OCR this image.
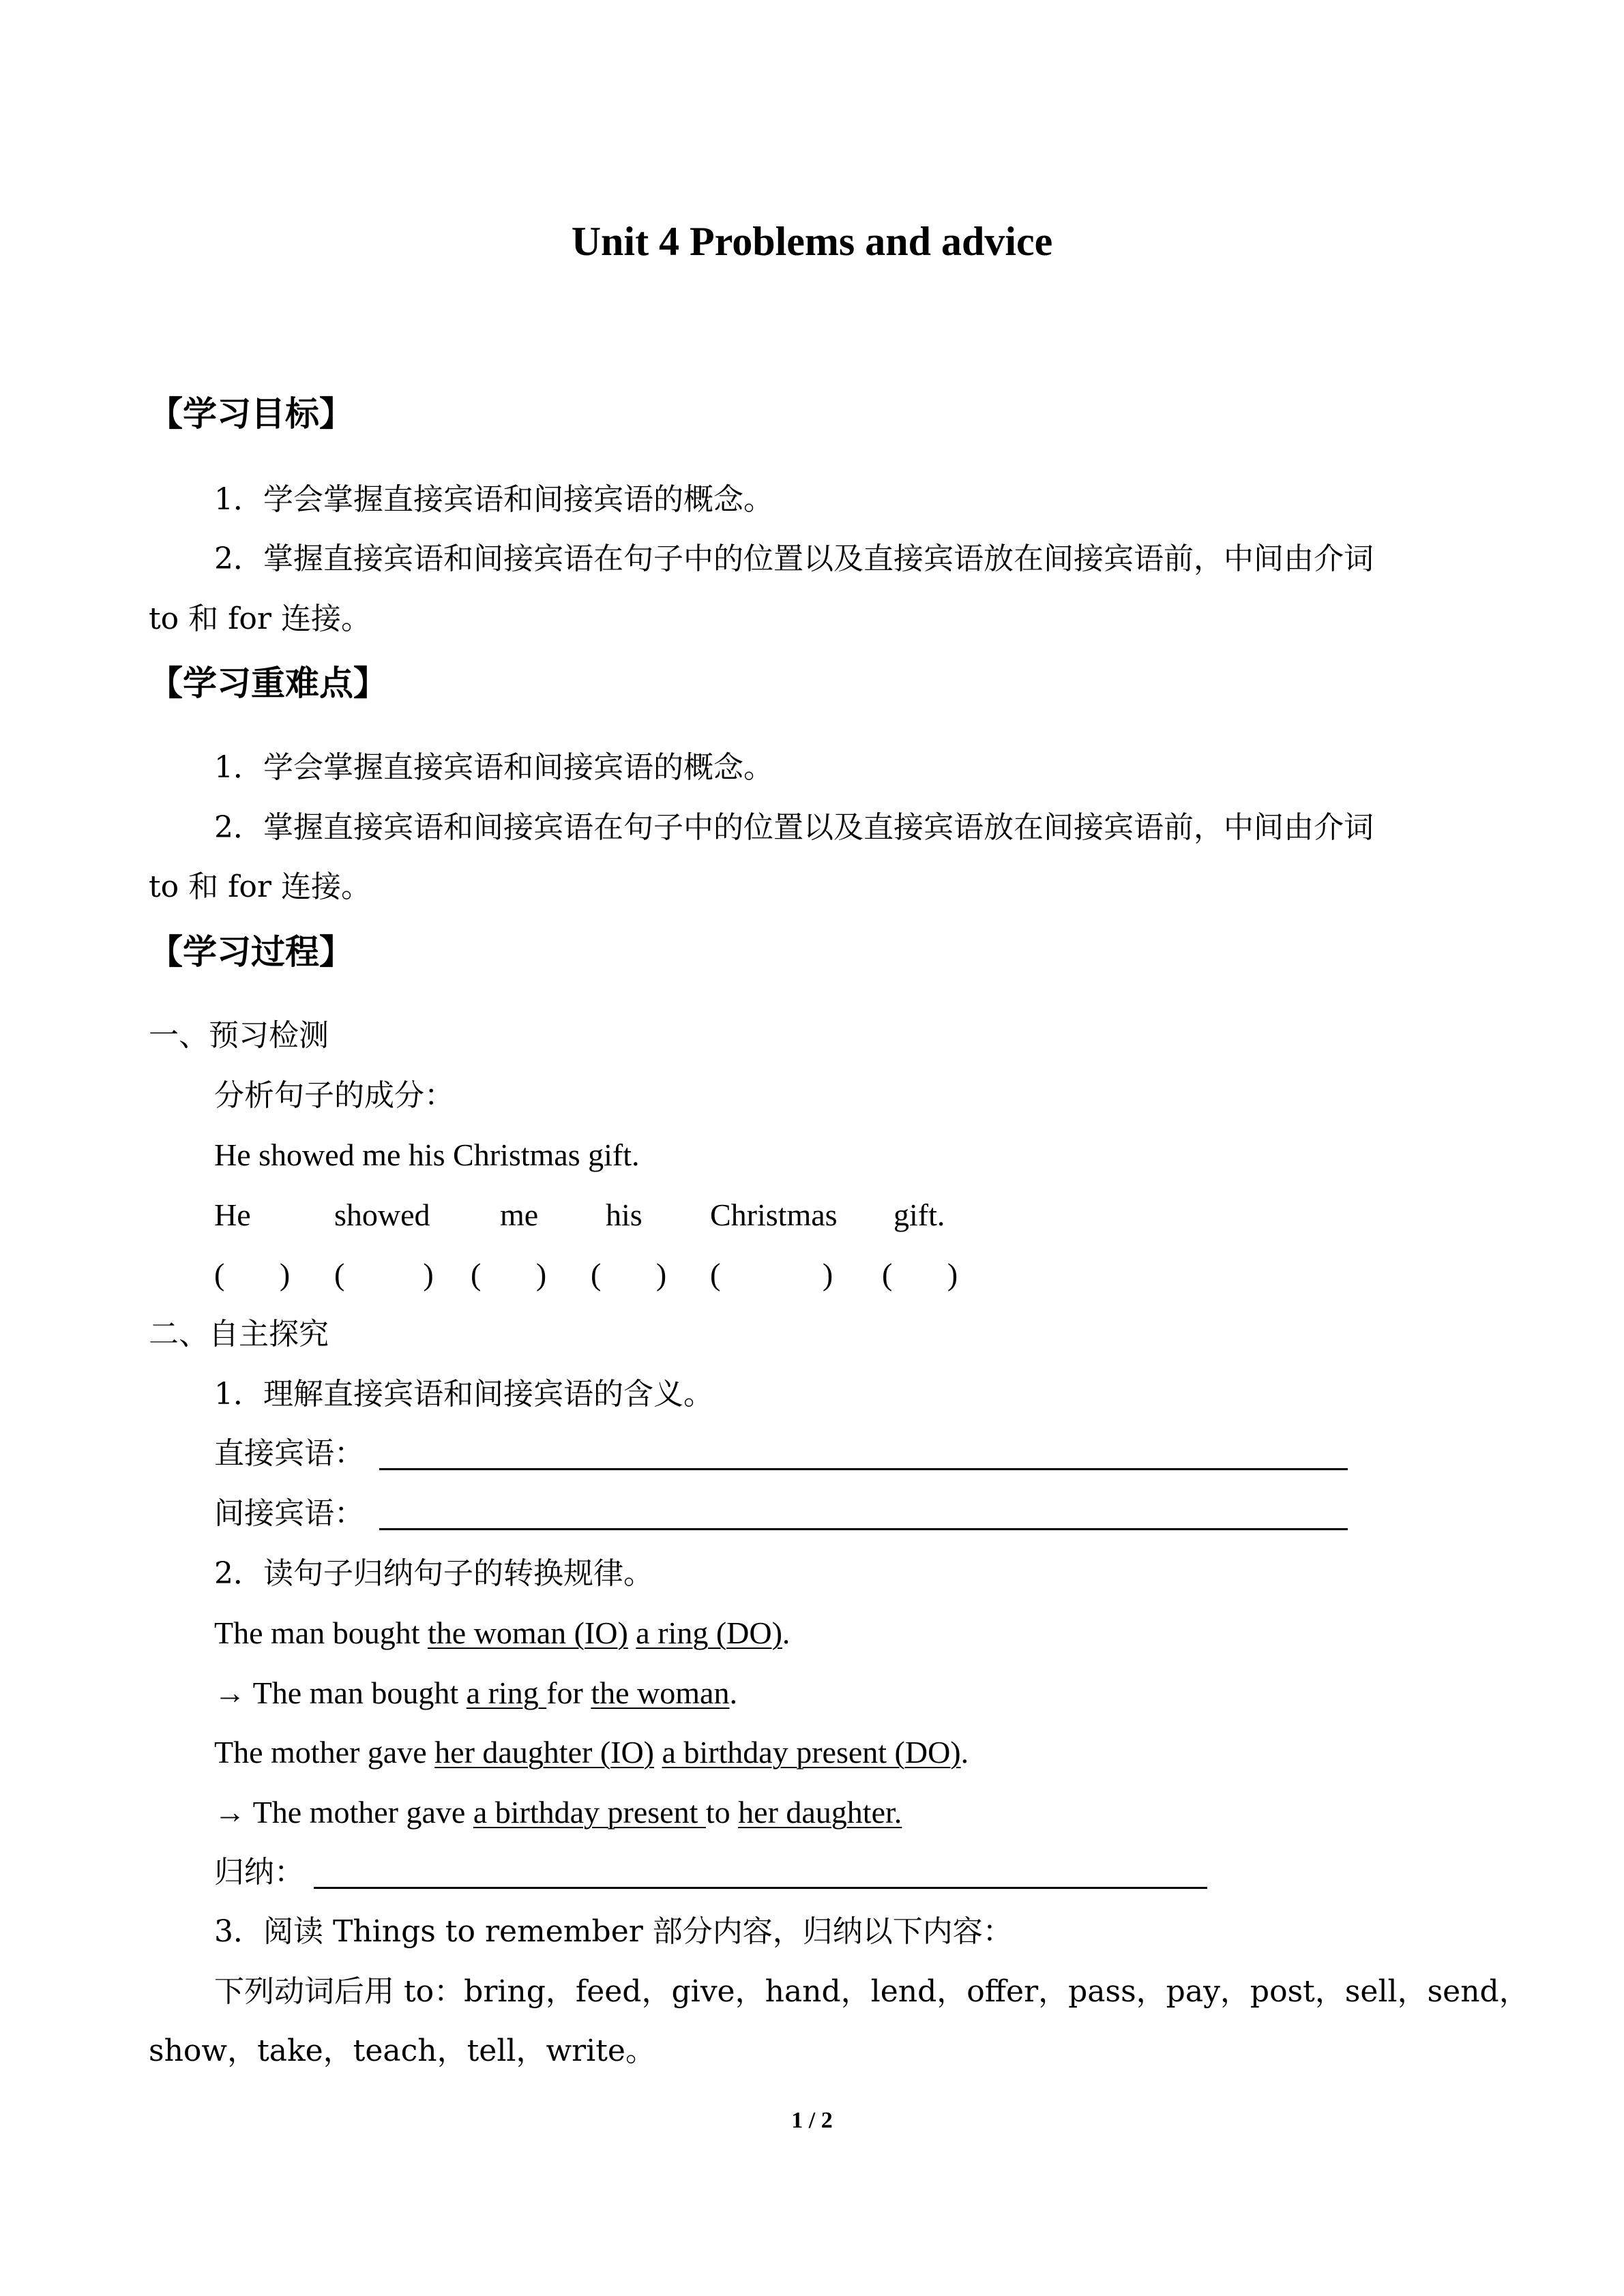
Unit 4 Problems and advice
【学习目标】
1．学会掌握直接宾语和间接宾语的概念。
2．掌握直接宾语和间接宾语在句子中的位置以及直接宾语放在间接宾语前，中间由介词
to 和 for 连接。
【学习重难点】
1．学会掌握直接宾语和间接宾语的概念。
2．掌握直接宾语和间接宾语在句子中的位置以及直接宾语放在间接宾语前，中间由介词
to 和 for 连接。
【学习过程】
一、预习检测
分析句子的成分：
He showed me his Christmas gift.
He	showed me his Christmas gift.
(       ) (          ) (       ) (       ) (             ) (       )
二、自主探究
1．理解直接宾语和间接宾语的含义。
直接宾语：
间接宾语：
2．读句子归纳句子的转换规律。
The man bought the woman (IO) a ring (DO).
→ The man bought a ring for the woman.
The mother gave her daughter (IO) a birthday present (DO).
→ The mother gave a birthday present to her daughter.
归纳：
3．阅读 Things to remember 部分内容，归纳以下内容：
下列动词后用 to：bring，feed，give，hand，lend，offer，pass，pay，post，sell，send，
show，take，teach，tell，write。
1 / 2
